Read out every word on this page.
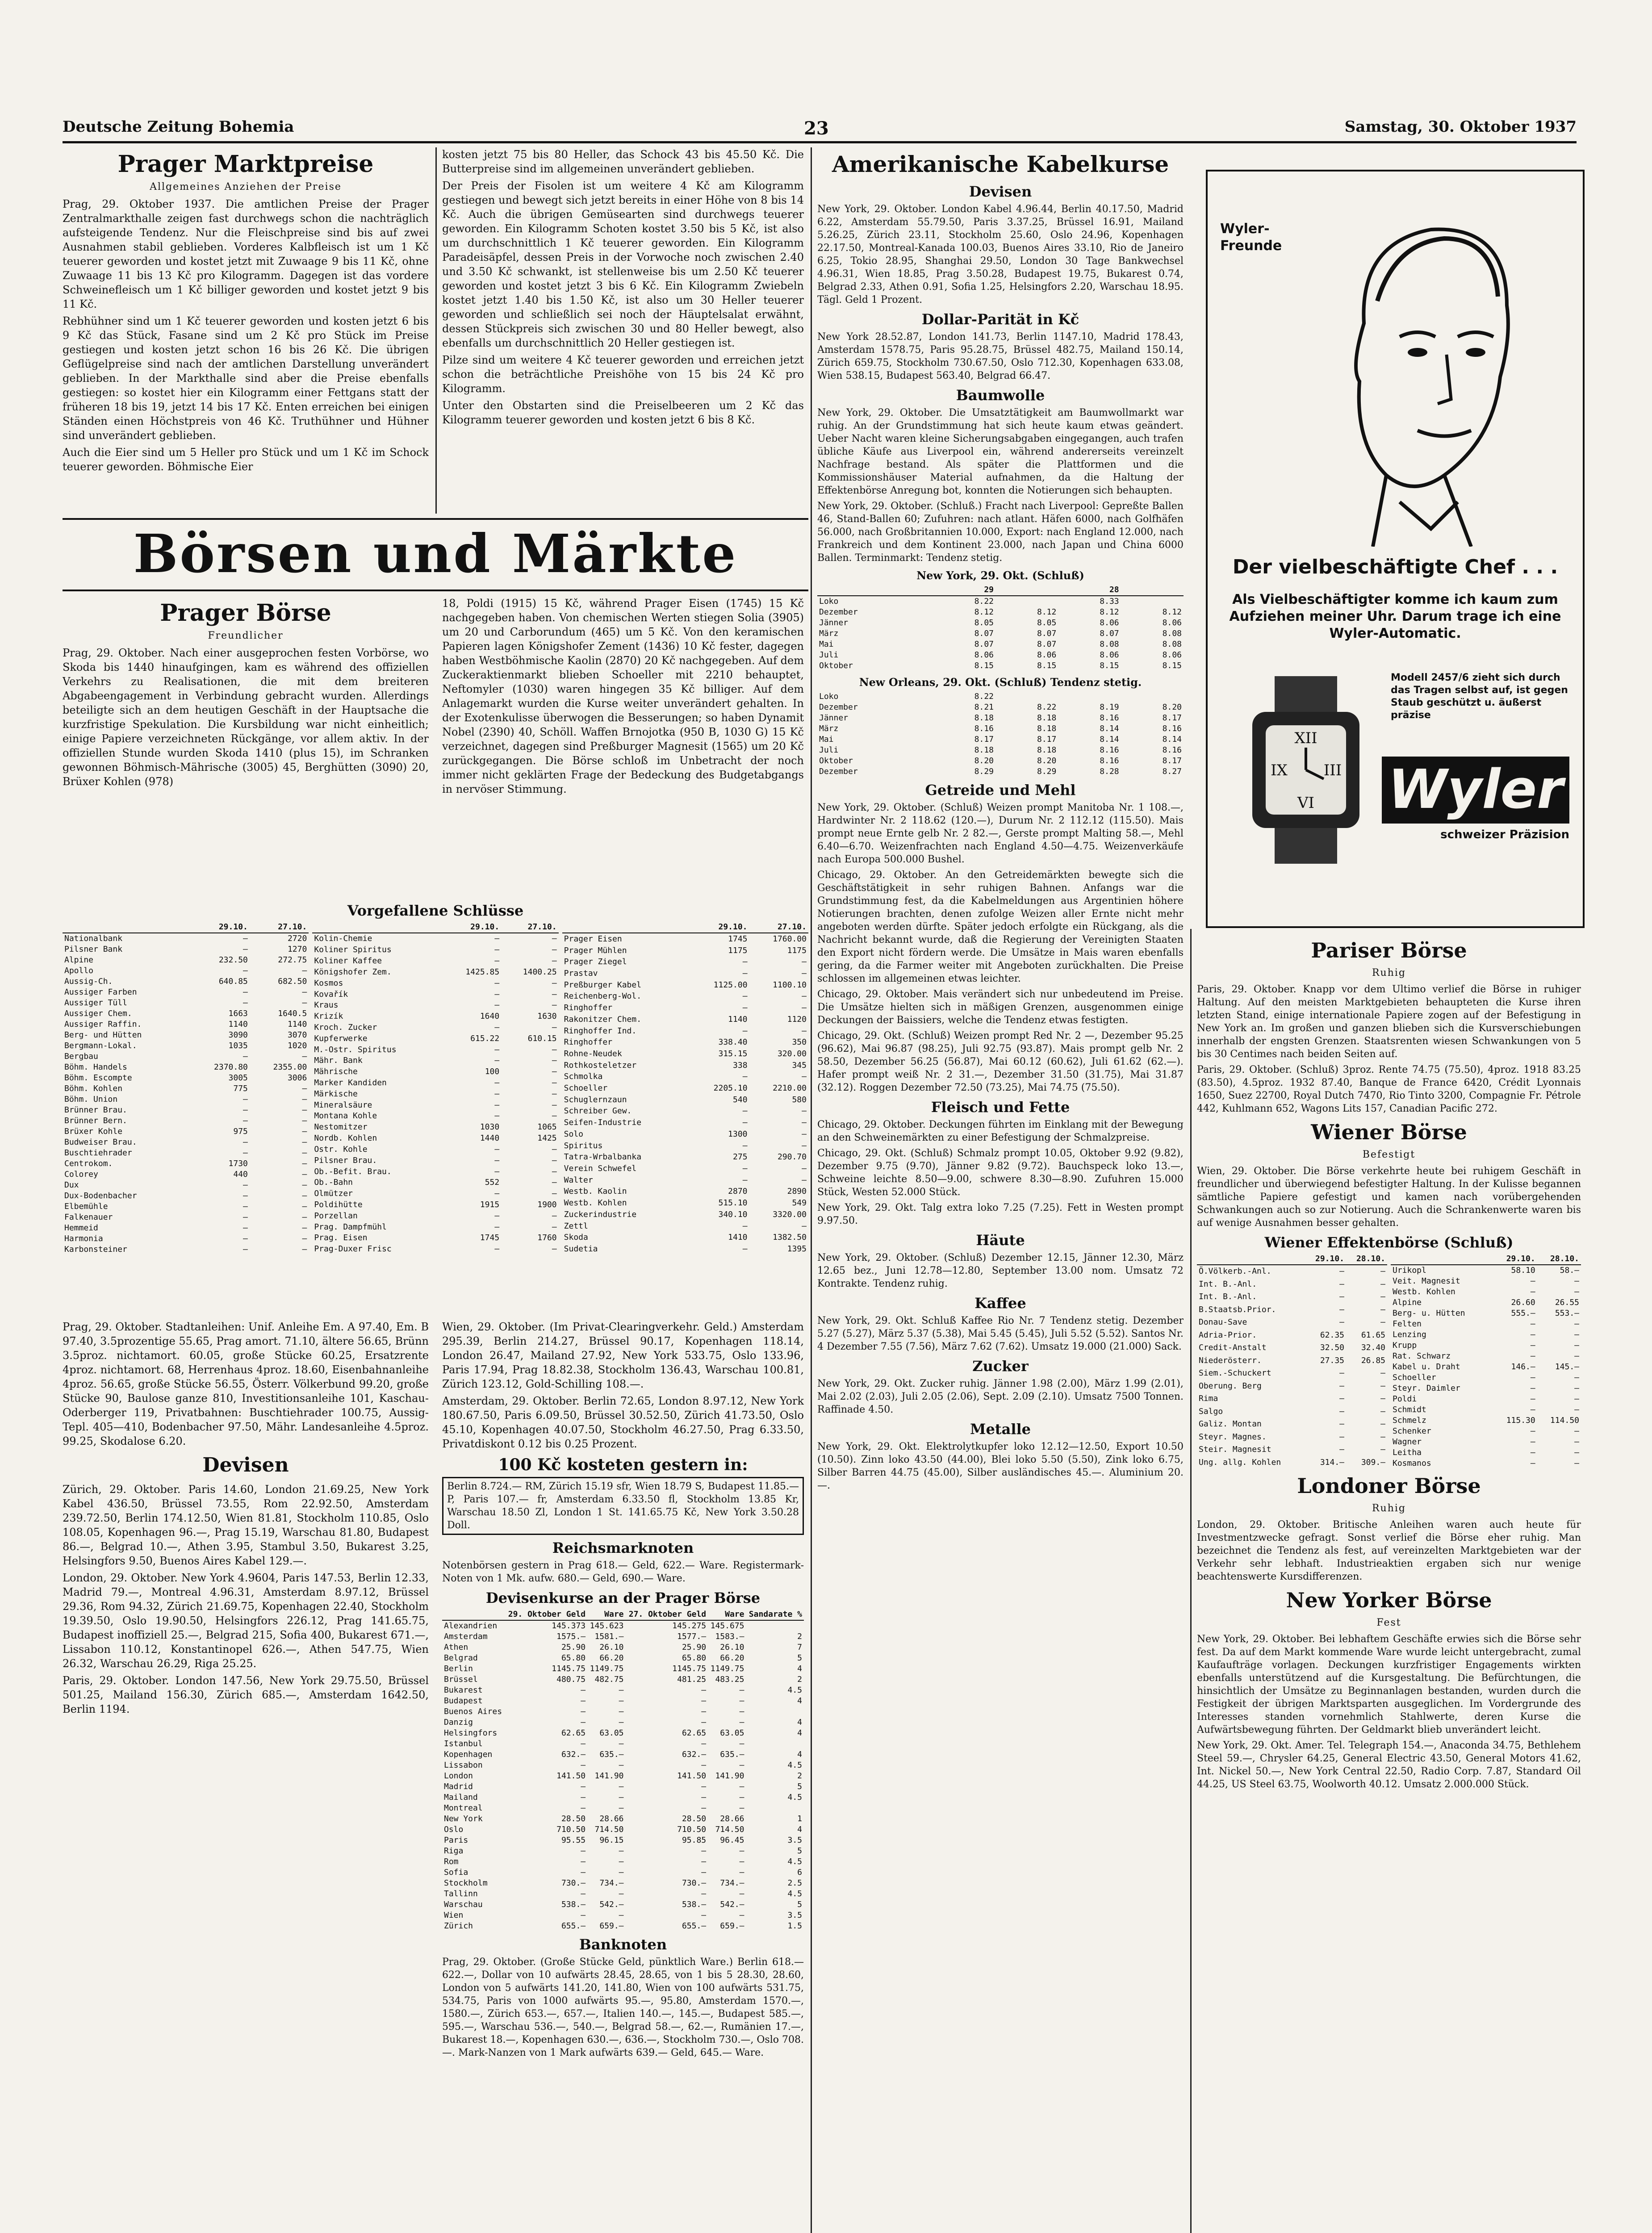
Deutsche Zeitung Bohemia	23	Samstag, 30. Oktober 1937
Prager Marktpreise
Allgemeines Anziehen der Preise

Prag, 29. Oktober 1937. Die amtlichen Preise der Prager Zentralmarkthalle zeigen fast durchwegs schon die nachträglich aufsteigende Tendenz. Nur die Fleischpreise sind bis auf zwei Ausnahmen stabil geblieben. Vorderes Kalbfleisch ist um 1 Kč teuerer geworden und kostet jetzt mit Zuwaage 9 bis 11 Kč, ohne Zuwaage 11 bis 13 Kč pro Kilogramm. Dagegen ist das vordere Schweinefleisch um 1 Kč billiger geworden und kostet jetzt 9 bis 11 Kč.

Rebhühner sind um 1 Kč teuerer geworden und kosten jetzt 6 bis 9 Kč das Stück, Fasane sind um 2 Kč pro Stück im Preise gestiegen und kosten jetzt schon 16 bis 26 Kč. Die übrigen Geflügelpreise sind nach der amtlichen Darstellung unverändert geblieben. In der Markthalle sind aber die Preise ebenfalls gestiegen: so kostet hier ein Kilogramm einer Fettgans statt der früheren 18 bis 19, jetzt 14 bis 17 Kč. Enten erreichen bei einigen Ständen einen Höchstpreis von 46 Kč. Truthühner und Hühner sind unverändert geblieben.

Auch die Eier sind um 5 Heller pro Stück und um 1 Kč im Schock teuerer geworden. Böhmische Eier

kosten jetzt 75 bis 80 Heller, das Schock 43 bis 45.50 Kč. Die Butterpreise sind im allgemeinen unverändert geblieben.

Der Preis der Fisolen ist um weitere 4 Kč am Kilogramm gestiegen und bewegt sich jetzt bereits in einer Höhe von 8 bis 14 Kč. Auch die übrigen Gemüsearten sind durchwegs teuerer geworden. Ein Kilogramm Schoten kostet 3.50 bis 5 Kč, ist also um durchschnittlich 1 Kč teuerer geworden. Ein Kilogramm Paradeisäpfel, dessen Preis in der Vorwoche noch zwischen 2.40 und 3.50 Kč schwankt, ist stellenweise bis um 2.50 Kč teuerer geworden und kostet jetzt 3 bis 6 Kč. Ein Kilogramm Zwiebeln kostet jetzt 1.40 bis 1.50 Kč, ist also um 30 Heller teuerer geworden und schließlich sei noch der Häuptelsalat erwähnt, dessen Stückpreis sich zwischen 30 und 80 Heller bewegt, also ebenfalls um durchschnittlich 20 Heller gestiegen ist.

Pilze sind um weitere 4 Kč teuerer geworden und erreichen jetzt schon die beträchtliche Preishöhe von 15 bis 24 Kč pro Kilogramm.

Unter den Obstarten sind die Preiselbeeren um 2 Kč das Kilogramm teuerer geworden und kosten jetzt 6 bis 8 Kč.

Börsen und Märkte
Prager Börse
Freundlicher

Prag, 29. Oktober. Nach einer ausgeprochen festen Vorbörse, wo Skoda bis 1440 hinaufgingen, kam es während des offiziellen Verkehrs zu Realisationen, die mit dem breiteren Abgabeengagement in Verbindung gebracht wurden. Allerdings beteiligte sich an dem heutigen Geschäft in der Hauptsache die kurzfristige Spekulation. Die Kursbildung war nicht einheitlich; einige Papiere verzeichneten Rückgänge, vor allem aktiv. In der offiziellen Stunde wurden Skoda 1410 (plus 15), im Schranken gewonnen Böhmisch-Mährische (3005) 45, Berghütten (3090) 20, Brüxer Kohlen (978)

18, Poldi (1915) 15 Kč, während Prager Eisen (1745) 15 Kč nachgegeben haben. Von chemischen Werten stiegen Solia (3905) um 20 und Carborundum (465) um 5 Kč. Von den keramischen Papieren lagen Königshofer Zement (1436) 10 Kč fester, dagegen haben Westböhmische Kaolin (2870) 20 Kč nachgegeben. Auf dem Zuckeraktienmarkt blieben Schoeller mit 2210 behauptet, Neftomyler (1030) waren hingegen 35 Kč billiger. Auf dem Anlagemarkt wurden die Kurse weiter unverändert gehalten. In der Exotenkulisse überwogen die Besserungen; so haben Dynamit Nobel (2390) 40, Schöll. Waffen Brnojotka (950 B, 1030 G) 15 Kč verzeichnet, dagegen sind Preßburger Magnesit (1565) um 20 Kč zurückgegangen. Die Börse schloß im Unbetracht der noch immer nicht geklärten Frage der Bedeckung des Budgetabgangs in nervöser Stimmung.

Vorgefallene Schlüsse
	29.10.	27.10.
Nationalbank	—	2720
Pilsner Bank	—	1270

Alpine	232.50	272.75
Apollo	—	—
Aussig-Ch.	640.85	682.50
Aussiger Farben	—	—
Aussiger Tüll	—	—
Aussiger Chem.	1663	1640.5
Aussiger Raffin.	1140	1140
Berg- und Hütten	3090	3070
Bergmann-Lokal.	1035	1020
Bergbau	—	—
Böhm. Handels	2370.80	2355.00
Böhm. Escompte	3005	3006
Böhm. Kohlen	775	—
Böhm. Union	—	—
Brünner Brau.	—	—
Brünner Bern.	—	—
Brüxer Kohle	975	—
Budweiser Brau.	—	—
Buschtiehrader	—	—
Centrokom.	1730	—
Colorey	440	—
Dux	—	—
Dux-Bodenbacher	—	—
Elbemühle	—	—
Falkenauer	—	—
Hemmeid	—	—
Harmonia	—	—
Karbonsteiner	—	—
	29.10.	27.10.
Kolin-Chemie	—	—
Koliner Spiritus	—	—
Koliner Kaffee	—	—
Königshofer Zem.	1425.85	1400.25
Kosmos	—	—
Kovařík	—	—
Kraus	—	—
Krizík	1640	1630
Kroch. Zucker	—	—
Kupferwerke	615.22	610.15
M.-Ostr. Spiritus	—	—
Mähr. Bank	—	—
Mährische	100	—
Marker Kandiden	—	—
Märkische	—	—
Mineralsäure	—	—
Montana Kohle	—	—
Nestomitzer	1030	1065
Nordb. Kohlen	1440	1425
Ostr. Kohle	—	—
Pilsner Brau.	—	—
Ob.-Befit. Brau.	—	—
Ob.-Bahn	552	—
Olmützer	—	—
Poldihütte	1915	1900
Porzellan	—	—
Prag. Dampfmühl	—	—
Prag. Eisen	1745	1760
Prag-Duxer Frisc	—	—
	29.10.	27.10.
Prager Eisen	1745	1760.00
Prager Mühlen	1175	1175
Prager Ziegel	—	—
Prastav	—	—
Preßburger Kabel	1125.00	1100.10
Reichenberg-Wol.	—	—
Ringhoffer	—	—
Rakonitzer Chem.	1140	1120
Ringhoffer Ind.	—	—
Ringhoffer	338.40	350
Rohne-Neudek	315.15	320.00
Rothkosteletzer	338	345
Schmolka	—	—
Schoeller	2205.10	2210.00
Schuglernzaun	540	580
Schreiber Gew.	—	—
Seifen-Industrie	—	—
Solo	1300	—
Spiritus	—	—
Tatra-Wrbalbanka	275	290.70
Verein Schwefel	—	—
Walter	—	—
Westb. Kaolin	2870	2890
Westb. Kohlen	515.10	549
Zuckerindustrie	340.10	3320.00
Zettl	—	—
Skoda	1410	1382.50
Sudetia	—	1395

Prag, 29. Oktober. Stadtanleihen: Unif. Anleihe Em. A 97.40, Em. B 97.40, 3.5prozentige 55.65, Prag amort. 71.10, ältere 56.65, Brünn 3.5proz. nichtamort. 60.05, große Stücke 60.25, Ersatzrente 4proz. nichtamort. 68, Herrenhaus 4proz. 18.60, Eisenbahnanleihe 4proz. 56.65, große Stücke 56.55, Österr. Völkerbund 99.20, große Stücke 90, Baulose ganze 810, Investitionsanleihe 101, Kaschau-Oderberger 119, Privatbahnen: Buschtiehrader 100.75, Aussig-Tepl. 405—410, Bodenbacher 97.50, Mähr. Landesanleihe 4.5proz. 99.25, Skodalose 6.20.

Devisen

Zürich, 29. Oktober. Paris 14.60, London 21.69.25, New York Kabel 436.50, Brüssel 73.55, Rom 22.92.50, Amsterdam 239.72.50, Berlin 174.12.50, Wien 81.81, Stockholm 110.85, Oslo 108.05, Kopenhagen 96.—, Prag 15.19, Warschau 81.80, Budapest 86.—, Belgrad 10.—, Athen 3.95, Stambul 3.50, Bukarest 3.25, Helsingfors 9.50, Buenos Aires Kabel 129.—.

London, 29. Oktober. New York 4.9604, Paris 147.53, Berlin 12.33, Madrid 79.—, Montreal 4.96.31, Amsterdam 8.97.12, Brüssel 29.36, Rom 94.32, Zürich 21.69.75, Kopenhagen 22.40, Stockholm 19.39.50, Oslo 19.90.50, Helsingfors 226.12, Prag 141.65.75, Budapest inoffiziell 25.—, Belgrad 215, Sofia 400, Bukarest 671.—, Lissabon 110.12, Konstantinopel 626.—, Athen 547.75, Wien 26.32, Warschau 26.29, Riga 25.25.

Paris, 29. Oktober. London 147.56, New York 29.75.50, Brüssel 501.25, Mailand 156.30, Zürich 685.—, Amsterdam 1642.50, Berlin 1194.

Wien, 29. Oktober. (Im Privat-Clearingverkehr. Geld.) Amsterdam 295.39, Berlin 214.27, Brüssel 90.17, Kopenhagen 118.14, London 26.47, Mailand 27.92, New York 533.75, Oslo 133.96, Paris 17.94, Prag 18.82.38, Stockholm 136.43, Warschau 100.81, Zürich 123.12, Gold-Schilling 108.—.

Amsterdam, 29. Oktober. Berlin 72.65, London 8.97.12, New York 180.67.50, Paris 6.09.50, Brüssel 30.52.50, Zürich 41.73.50, Oslo 45.10, Kopenhagen 40.07.50, Stockholm 46.27.50, Prag 6.33.50, Privatdiskont 0.12 bis 0.25 Prozent.

100 Kč kosteten gestern in:

Berlin 8.724.— RM, Zürich 15.19 sfr, Wien 18.79 S, Budapest 11.85.— P, Paris 107.— fr, Amsterdam 6.33.50 fl, Stockholm 13.85 Kr, Warschau 18.50 Zl, London 1 St. 141.65.75 Kč, New York 3.50.28 Doll.

Reichsmarknoten

Notenbörsen gestern in Prag 618.— Geld, 622.— Ware. Registermark-Noten von 1 Mk. aufw. 680.— Geld, 690.— Ware.

Devisenkurse an der Prager Börse
	29. Oktober Geld	Ware	27. Oktober Geld	Ware	Sandarate %
Alexandrien	145.373	145.623	145.275	145.675	
Amsterdam	1575.—	1581.—	1577.—	1583.—	2
Athen	25.90	26.10	25.90	26.10	7
Belgrad	65.80	66.20	65.80	66.20	5
Berlin	1145.75	1149.75	1145.75	1149.75	4
Brüssel	480.75	482.75	481.25	483.25	2
Bukarest	—	—	—	—	4.5
Budapest	—	—	—	—	4
Buenos Aires	—	—	—	—	
Danzig	—	—	—	—	4
Helsingfors	62.65	63.05	62.65	63.05	4
Istanbul	—	—	—	—	
Kopenhagen	632.—	635.—	632.—	635.—	4
Lissabon	—	—	—	—	4.5
London	141.50	141.90	141.50	141.90	2
Madrid	—	—	—	—	5
Mailand	—	—	—	—	4.5
Montreal	—	—	—	—	
New York	28.50	28.66	28.50	28.66	1
Oslo	710.50	714.50	710.50	714.50	4
Paris	95.55	96.15	95.85	96.45	3.5
Riga	—	—	—	—	5
Rom	—	—	—	—	4.5
Sofia	—	—	—	—	6
Stockholm	730.—	734.—	730.—	734.—	2.5
Tallinn	—	—	—	—	4.5
Warschau	538.—	542.—	538.—	542.—	5
Wien	—	—	—	—	3.5
Zürich	655.—	659.—	655.—	659.—	1.5
Banknoten

Prag, 29. Oktober. (Große Stücke Geld, pünktlich Ware.) Berlin 618.— 622.—, Dollar von 10 aufwärts 28.45, 28.65, von 1 bis 5 28.30, 28.60, London von 5 aufwärts 141.20, 141.80, Wien von 100 aufwärts 531.75, 534.75, Paris von 1000 aufwärts 95.—, 95.80, Amsterdam 1570.—, 1580.—, Zürich 653.—, 657.—, Italien 140.—, 145.—, Budapest 585.—, 595.—, Warschau 536.—, 540.—, Belgrad 58.—, 62.—, Rumänien 17.—, Bukarest 18.—, Kopenhagen 630.—, 636.—, Stockholm 730.—, Oslo 708.—. Mark-Nanzen von 1 Mark aufwärts 639.— Geld, 645.— Ware.

Amerikanische Kabelkurse
Devisen

New York, 29. Oktober. London Kabel 4.96.44, Berlin 40.17.50, Madrid 6.22, Amsterdam 55.79.50, Paris 3.37.25, Brüssel 16.91, Mailand 5.26.25, Zürich 23.11, Stockholm 25.60, Oslo 24.96, Kopenhagen 22.17.50, Montreal-Kanada 100.03, Buenos Aires 33.10, Rio de Janeiro 6.25, Tokio 28.95, Shanghai 29.50, London 30 Tage Bankwechsel 4.96.31, Wien 18.85, Prag 3.50.28, Budapest 19.75, Bukarest 0.74, Belgrad 2.33, Athen 0.91, Sofia 1.25, Helsingfors 2.20, Warschau 18.95. Tägl. Geld 1 Prozent.

Dollar-Parität in Kč

New York 28.52.87, London 141.73, Berlin 1147.10, Madrid 178.43, Amsterdam 1578.75, Paris 95.28.75, Brüssel 482.75, Mailand 150.14, Zürich 659.75, Stockholm 730.67.50, Oslo 712.30, Kopenhagen 633.08, Wien 538.15, Budapest 563.40, Belgrad 66.47.

Baumwolle

New York, 29. Oktober. Die Umsatztätigkeit am Baumwollmarkt war ruhig. An der Grundstimmung hat sich heute kaum etwas geändert. Ueber Nacht waren kleine Sicherungsabgaben eingegangen, auch trafen übliche Käufe aus Liverpool ein, während andererseits vereinzelt Nachfrage bestand. Als später die Plattformen und die Kommissionshäuser Material aufnahmen, da die Haltung der Effektenbörse Anregung bot, konnten die Notierungen sich behaupten.

New York, 29. Oktober. (Schluß.) Fracht nach Liverpool: Gepreßte Ballen 46, Stand-Ballen 60; Zufuhren: nach atlant. Häfen 6000, nach Golfhäfen 56.000, nach Großbritannien 10.000, Export: nach England 12.000, nach Frankreich und dem Kontinent 23.000, nach Japan und China 6000 Ballen. Terminmarkt: Tendenz stetig.

New York, 29. Okt. (Schluß)
	29		28	
Loko	8.22		8.33	
Dezember	8.12	8.12	8.12	8.12
Jänner	8.05	8.05	8.06	8.06
März	8.07	8.07	8.07	8.08
Mai	8.07	8.07	8.08	8.08
Juli	8.06	8.06	8.06	8.06
Oktober	8.15	8.15	8.15	8.15
New Orleans, 29. Okt. (Schluß) Tendenz stetig.
Loko	8.22			
Dezember	8.21	8.22	8.19	8.20
Jänner	8.18	8.18	8.16	8.17
März	8.16	8.18	8.14	8.16
Mai	8.17	8.17	8.14	8.14
Juli	8.18	8.18	8.16	8.16
Oktober	8.20	8.20	8.16	8.17
Dezember	8.29	8.29	8.28	8.27
Getreide und Mehl

New York, 29. Oktober. (Schluß) Weizen prompt Manitoba Nr. 1 108.—, Hardwinter Nr. 2 118.62 (120.—), Durum Nr. 2 112.12 (115.50). Mais prompt neue Ernte gelb Nr. 2 82.—, Gerste prompt Malting 58.—, Mehl 6.40—6.70. Weizenfrachten nach England 4.50—4.75. Weizenverkäufe nach Europa 500.000 Bushel.

Chicago, 29. Oktober. An den Getreidemärkten bewegte sich die Geschäftstätigkeit in sehr ruhigen Bahnen. Anfangs war die Grundstimmung fest, da die Kabelmeldungen aus Argentinien höhere Notierungen brachten, denen zufolge Weizen aller Ernte nicht mehr angeboten werden dürfte. Später jedoch erfolgte ein Rückgang, als die Nachricht bekannt wurde, daß die Regierung der Vereinigten Staaten den Export nicht fördern werde. Die Umsätze in Mais waren ebenfalls gering, da die Farmer weiter mit Angeboten zurückhalten. Die Preise schlossen im allgemeinen etwas leichter.

Chicago, 29. Oktober. Mais verändert sich nur unbedeutend im Preise. Die Umsätze hielten sich in mäßigen Grenzen, ausgenommen einige Deckungen der Baissiers, welche die Tendenz etwas festigten.

Chicago, 29. Okt. (Schluß) Weizen prompt Red Nr. 2 —, Dezember 95.25 (96.62), Mai 96.87 (98.25), Juli 92.75 (93.87). Mais prompt gelb Nr. 2 58.50, Dezember 56.25 (56.87), Mai 60.12 (60.62), Juli 61.62 (62.—). Hafer prompt weiß Nr. 2 31.—, Dezember 31.50 (31.75), Mai 31.87 (32.12). Roggen Dezember 72.50 (73.25), Mai 74.75 (75.50).

Fleisch und Fette

Chicago, 29. Oktober. Deckungen führten im Einklang mit der Bewegung an den Schweinemärkten zu einer Befestigung der Schmalzpreise.

Chicago, 29. Okt. (Schluß) Schmalz prompt 10.05, Oktober 9.92 (9.82), Dezember 9.75 (9.70), Jänner 9.82 (9.72). Bauchspeck loko 13.—, Schweine leichte 8.50—9.00, schwere 8.30—8.90. Zufuhren 15.000 Stück, Westen 52.000 Stück.

New York, 29. Okt. Talg extra loko 7.25 (7.25). Fett in Westen prompt 9.97.50.

Häute

New York, 29. Oktober. (Schluß) Dezember 12.15, Jänner 12.30, März 12.65 bez., Juni 12.78—12.80, September 13.00 nom. Umsatz 72 Kontrakte. Tendenz ruhig.

Kaffee

New York, 29. Okt. Schluß Kaffee Rio Nr. 7 Tendenz stetig. Dezember 5.27 (5.27), März 5.37 (5.38), Mai 5.45 (5.45), Juli 5.52 (5.52). Santos Nr. 4 Dezember 7.55 (7.56), März 7.62 (7.62). Umsatz 19.000 (21.000) Sack.

Zucker

New York, 29. Okt. Zucker ruhig. Jänner 1.98 (2.00), März 1.99 (2.01), Mai 2.02 (2.03), Juli 2.05 (2.06), Sept. 2.09 (2.10). Umsatz 7500 Tonnen. Raffinade 4.50.

Metalle

New York, 29. Okt. Elektrolytkupfer loko 12.12—12.50, Export 10.50 (10.50). Zinn loko 43.50 (44.00), Blei loko 5.50 (5.50), Zink loko 6.75, Silber Barren 44.75 (45.00), Silber ausländisches 45.—. Aluminium 20.—.

Wyler-
Freunde
Der vielbeschäftigte Chef . . .
Als Vielbeschäftigter komme ich kaum zum Aufziehen meiner Uhr. Darum trage ich eine Wyler-Automatic.
XII
IX III
VI
Modell 2457/6 zieht sich durch das Tragen selbst auf, ist gegen Staub geschützt u. äußerst präzise
Wyler
schweizer Präzision
Pariser Börse
Ruhig

Paris, 29. Oktober. Knapp vor dem Ultimo verlief die Börse in ruhiger Haltung. Auf den meisten Marktgebieten behaupteten die Kurse ihren letzten Stand, einige internationale Papiere zogen auf der Befestigung in New York an. Im großen und ganzen blieben sich die Kursverschiebungen innerhalb der engsten Grenzen. Staatsrenten wiesen Schwankungen von 5 bis 30 Centimes nach beiden Seiten auf.

Paris, 29. Oktober. (Schluß) 3proz. Rente 74.75 (75.50), 4proz. 1918 83.25 (83.50), 4.5proz. 1932 87.40, Banque de France 6420, Crédit Lyonnais 1650, Suez 22700, Royal Dutch 7470, Rio Tinto 3200, Compagnie Fr. Pétrole 442, Kuhlmann 652, Wagons Lits 157, Canadian Pacific 272.

Wiener Börse
Befestigt

Wien, 29. Oktober. Die Börse verkehrte heute bei ruhigem Geschäft in freundlicher und überwiegend befestigter Haltung. In der Kulisse begannen sämtliche Papiere gefestigt und kamen nach vorübergehenden Schwankungen auch so zur Notierung. Auch die Schrankenwerte waren bis auf wenige Ausnahmen besser gehalten.

Wiener Effektenbörse (Schluß)
	29.10.	28.10.
Ö.Völkerb.-Anl.	—	—
Int. B.-Anl.	—	—
Int. B.-Anl.	—	—
B.Staatsb.Prior.	—	—
Donau-Save	—	—
Adria-Prior.	62.35	61.65
Credit-Anstalt	32.50	32.40
Niederösterr.	27.35	26.85
Siem.-Schuckert	—	—
Oberung. Berg	—	—
Rima	—	—
Salgo	—	—
Galiz. Montan	—	—
Steyr. Magnes.	—	—
Steir. Magnesit	—	—
Ung. allg. Kohlen	314.—	309.—
	29.10.	28.10.
Urikopl	58.10	58.—
Veit. Magnesit	—	—
Westb. Kohlen	—	—
Alpine	26.60	26.55
Berg- u. Hütten	555.—	553.—
Felten	—	—
Lenzing	—	—
Krupp	—	—
Rat. Schwarz	—	—
Kabel u. Draht	146.—	145.—
Schoeller	—	—
Steyr. Daimler	—	—
Poldi	—	—
Schmidt	—	—
Schmelz	115.30	114.50
Schenker	—	—
Wagner	—	—
Leitha	—	—
Kosmanos	—	—
Londoner Börse
Ruhig

London, 29. Oktober. Britische Anleihen waren auch heute für Investmentzwecke gefragt. Sonst verlief die Börse eher ruhig. Man bezeichnet die Tendenz als fest, auf vereinzelten Marktgebieten war der Verkehr sehr lebhaft. Industrieaktien ergaben sich nur wenige beachtenswerte Kursdifferenzen.

New Yorker Börse
Fest

New York, 29. Oktober. Bei lebhaftem Geschäfte erwies sich die Börse sehr fest. Da auf dem Markt kommende Ware wurde leicht untergebracht, zumal Kaufaufträge vorlagen. Deckungen kurzfristiger Engagements wirkten ebenfalls unterstützend auf die Kursgestaltung. Die Befürchtungen, die hinsichtlich der Umsätze zu Beginnanlagen bestanden, wurden durch die Festigkeit der übrigen Marktsparten ausgeglichen. Im Vordergrunde des Interesses standen vornehmlich Stahlwerte, deren Kurse die Aufwärtsbewegung führten. Der Geldmarkt blieb unverändert leicht.

New York, 29. Okt. Amer. Tel. Telegraph 154.—, Anaconda 34.75, Bethlehem Steel 59.—, Chrysler 64.25, General Electric 43.50, General Motors 41.62, Int. Nickel 50.—, New York Central 22.50, Radio Corp. 7.87, Standard Oil 44.25, US Steel 63.75, Woolworth 40.12. Umsatz 2.000.000 Stück.
